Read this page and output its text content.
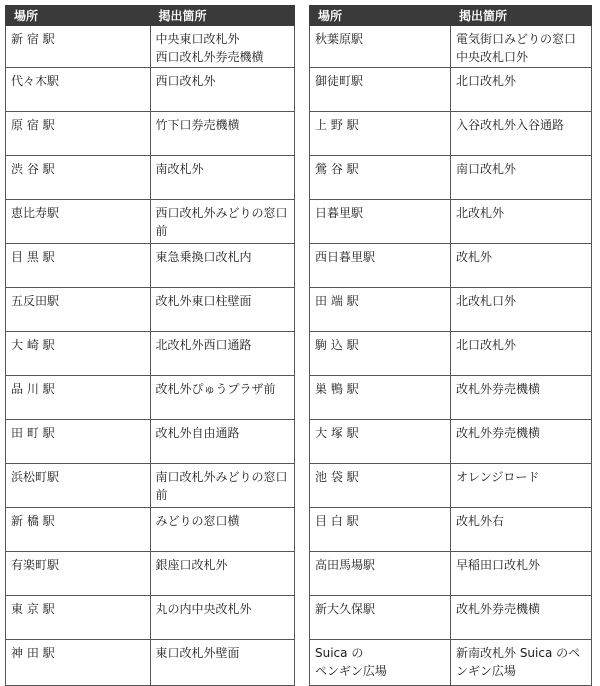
場所	掲出箇所
新 宿 駅	中央東口改札外
西口改札外券売機横
代々木駅	西口改札外
原 宿 駅	竹下口券売機横
渋 谷 駅	南改札外
恵比寿駅	西口改札外みどりの窓口前
目 黒 駅	東急乗換口改札内
五反田駅	改札外東口柱壁面
大 崎 駅	北改札外西口通路
品 川 駅	改札外ぴゅうプラザ前
田 町 駅	改札外自由通路
浜松町駅	南口改札外みどりの窓口前
新 橋 駅	みどりの窓口横
有楽町駅	銀座口改札外
東 京 駅	丸の内中央改札外
神 田 駅	東口改札外壁面
場所	掲出箇所
秋葉原駅	電気街口みどりの窓口
中央改札口外
御徒町駅	北口改札外
上 野 駅	入谷改札外入谷通路
鶯 谷 駅	南口改札外
日暮里駅	北改札外
西日暮里駅	改札外
田 端 駅	北改札口外
駒 込 駅	北口改札外
巣 鴨 駅	改札外券売機横
大 塚 駅	改札外券売機横
池 袋 駅	オレンジロード
目 白 駅	改札外右
高田馬場駅	早稲田口改札外
新大久保駅	改札外券売機横
Suica の
ペンギン広場	新南改札外 Suica のペンギン広場
